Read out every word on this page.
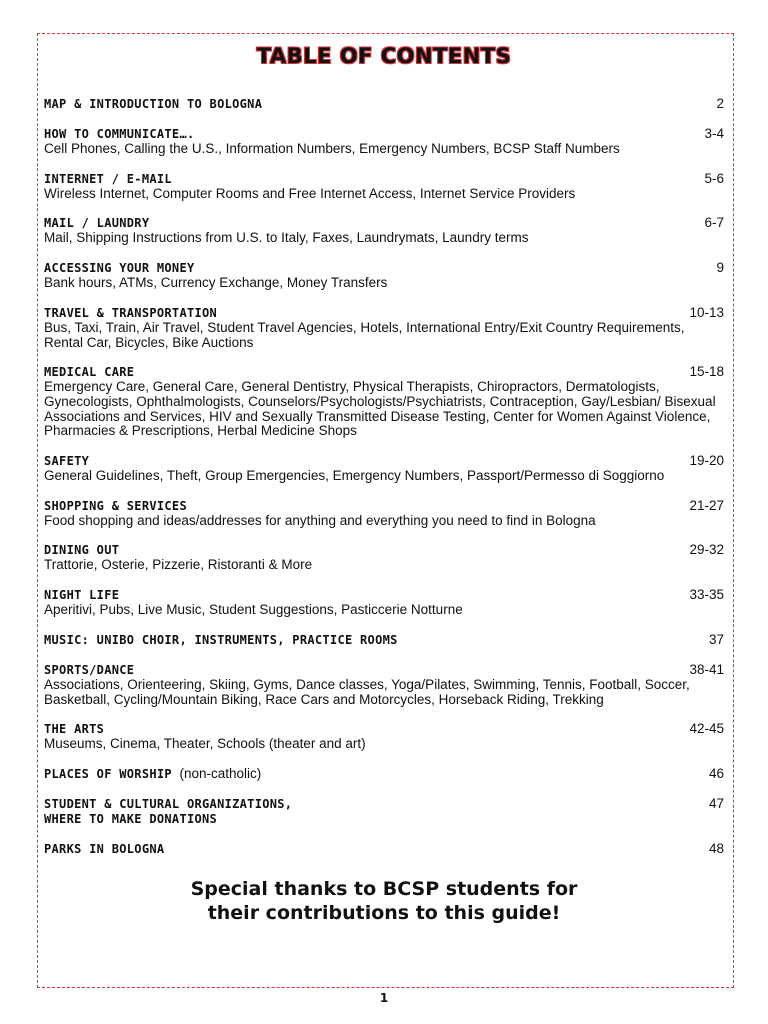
TABLE OF CONTENTS
MAP & INTRODUCTION TO BOLOGNA	2
HOW TO COMMUNICATE….	3-4
Cell Phones, Calling the U.S., Information Numbers, Emergency Numbers, BCSP Staff Numbers
INTERNET / E-MAIL	5-6
Wireless Internet, Computer Rooms and Free Internet Access, Internet Service Providers
MAIL / LAUNDRY	6-7
Mail, Shipping Instructions from U.S. to Italy, Faxes, Laundrymats, Laundry terms
ACCESSING YOUR MONEY	9
Bank hours, ATMs, Currency Exchange, Money Transfers
TRAVEL & TRANSPORTATION	10-13
Bus, Taxi, Train, Air Travel, Student Travel Agencies, Hotels, International Entry/Exit Country Requirements, Rental Car, Bicycles, Bike Auctions
MEDICAL CARE	15-18
Emergency Care, General Care, General Dentistry, Physical Therapists, Chiropractors, Dermatologists, Gynecologists, Ophthalmologists, Counselors/Psychologists/Psychiatrists, Contraception, Gay/Lesbian/ Bisexual Associations and Services, HIV and Sexually Transmitted Disease Testing, Center for Women Against Violence, Pharmacies & Prescriptions, Herbal Medicine Shops
SAFETY	19-20
General Guidelines, Theft, Group Emergencies, Emergency Numbers, Passport/Permesso di Soggiorno
SHOPPING & SERVICES	21-27
Food shopping and ideas/addresses for anything and everything you need to find in Bologna
DINING OUT	29-32
Trattorie, Osterie, Pizzerie, Ristoranti & More
NIGHT LIFE	33-35
Aperitivi, Pubs, Live Music, Student Suggestions, Pasticcerie Notturne
MUSIC: UNIBO CHOIR, INSTRUMENTS, PRACTICE ROOMS	37
SPORTS/DANCE	38-41
Associations, Orienteering, Skiing, Gyms, Dance classes, Yoga/Pilates, Swimming, Tennis, Football, Soccer, Basketball, Cycling/Mountain Biking, Race Cars and Motorcycles, Horseback Riding, Trekking
THE ARTS	42-45
Museums, Cinema, Theater, Schools (theater and art)
PLACES OF WORSHIP (non-catholic)	46
STUDENT & CULTURAL ORGANIZATIONS,	47
WHERE TO MAKE DONATIONS
PARKS IN BOLOGNA	48
Special thanks to BCSP students for
their contributions to this guide!
1
